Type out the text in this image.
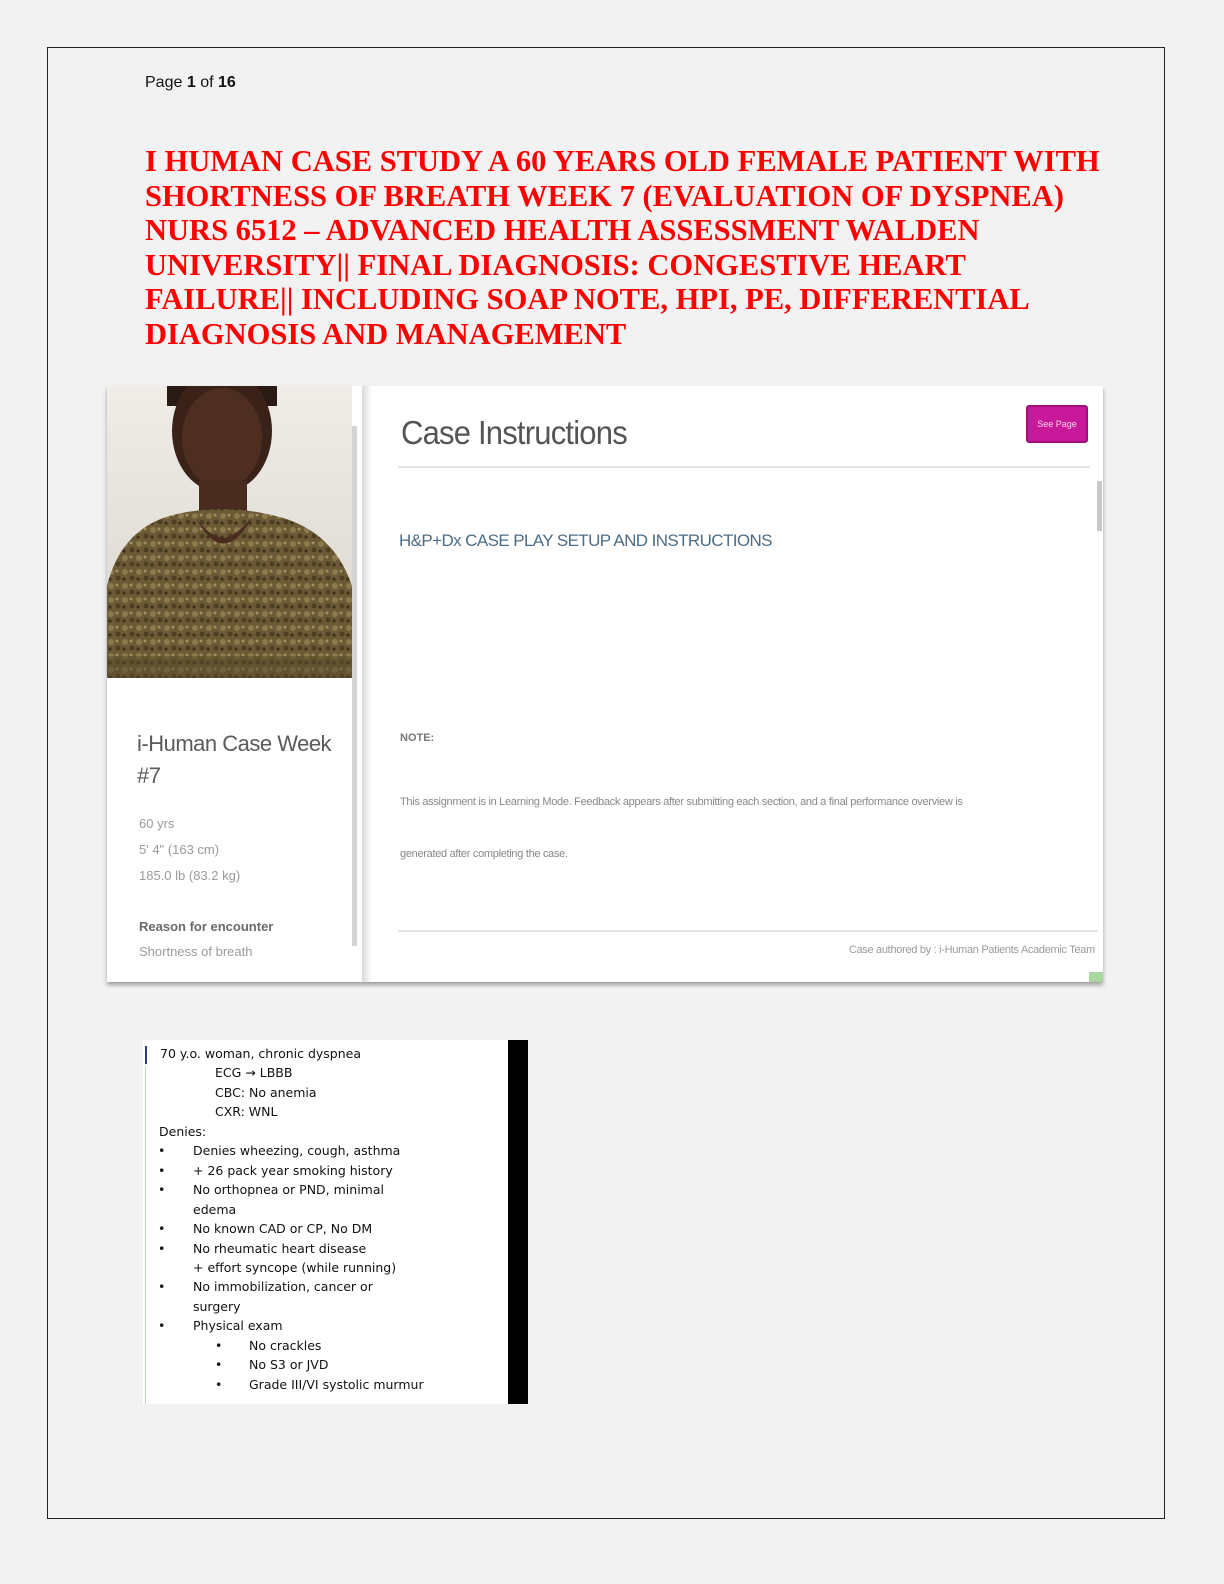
Page 1 of 16
I HUMAN CASE STUDY A 60 YEARS OLD FEMALE PATIENT WITH SHORTNESS OF BREATH WEEK 7 (EVALUATION OF DYSPNEA) NURS 6512 – ADVANCED HEALTH ASSESSMENT WALDEN UNIVERSITY|| FINAL DIAGNOSIS: CONGESTIVE HEART FAILURE|| INCLUDING SOAP NOTE, HPI, PE, DIFFERENTIAL DIAGNOSIS AND MANAGEMENT
i-Human Case Week #7
60 yrs
5' 4" (163 cm)
185.0 lb (83.2 kg)
Reason for encounter
Shortness of breath
Case Instructions	See Page
H&P+Dx CASE PLAY SETUP AND INSTRUCTIONS
NOTE:
This assignment is in Learning Mode. Feedback appears after submitting each section, and a final performance overview is
generated after completing the case.
Case authored by : i-Human Patients Academic Team
70 y.o. woman, chronic dyspnea
ECG → LBBB
CBC: No anemia
CXR: WNL
Denies:
• Denies wheezing, cough, asthma
• + 26 pack year smoking history
• No orthopnea or PND, minimal
edema
• No known CAD or CP, No DM
• No rheumatic heart disease
+ effort syncope (while running)
• No immobilization, cancer or
surgery
• Physical exam
• No crackles
• No S3 or JVD
• Grade III/VI systolic murmur
